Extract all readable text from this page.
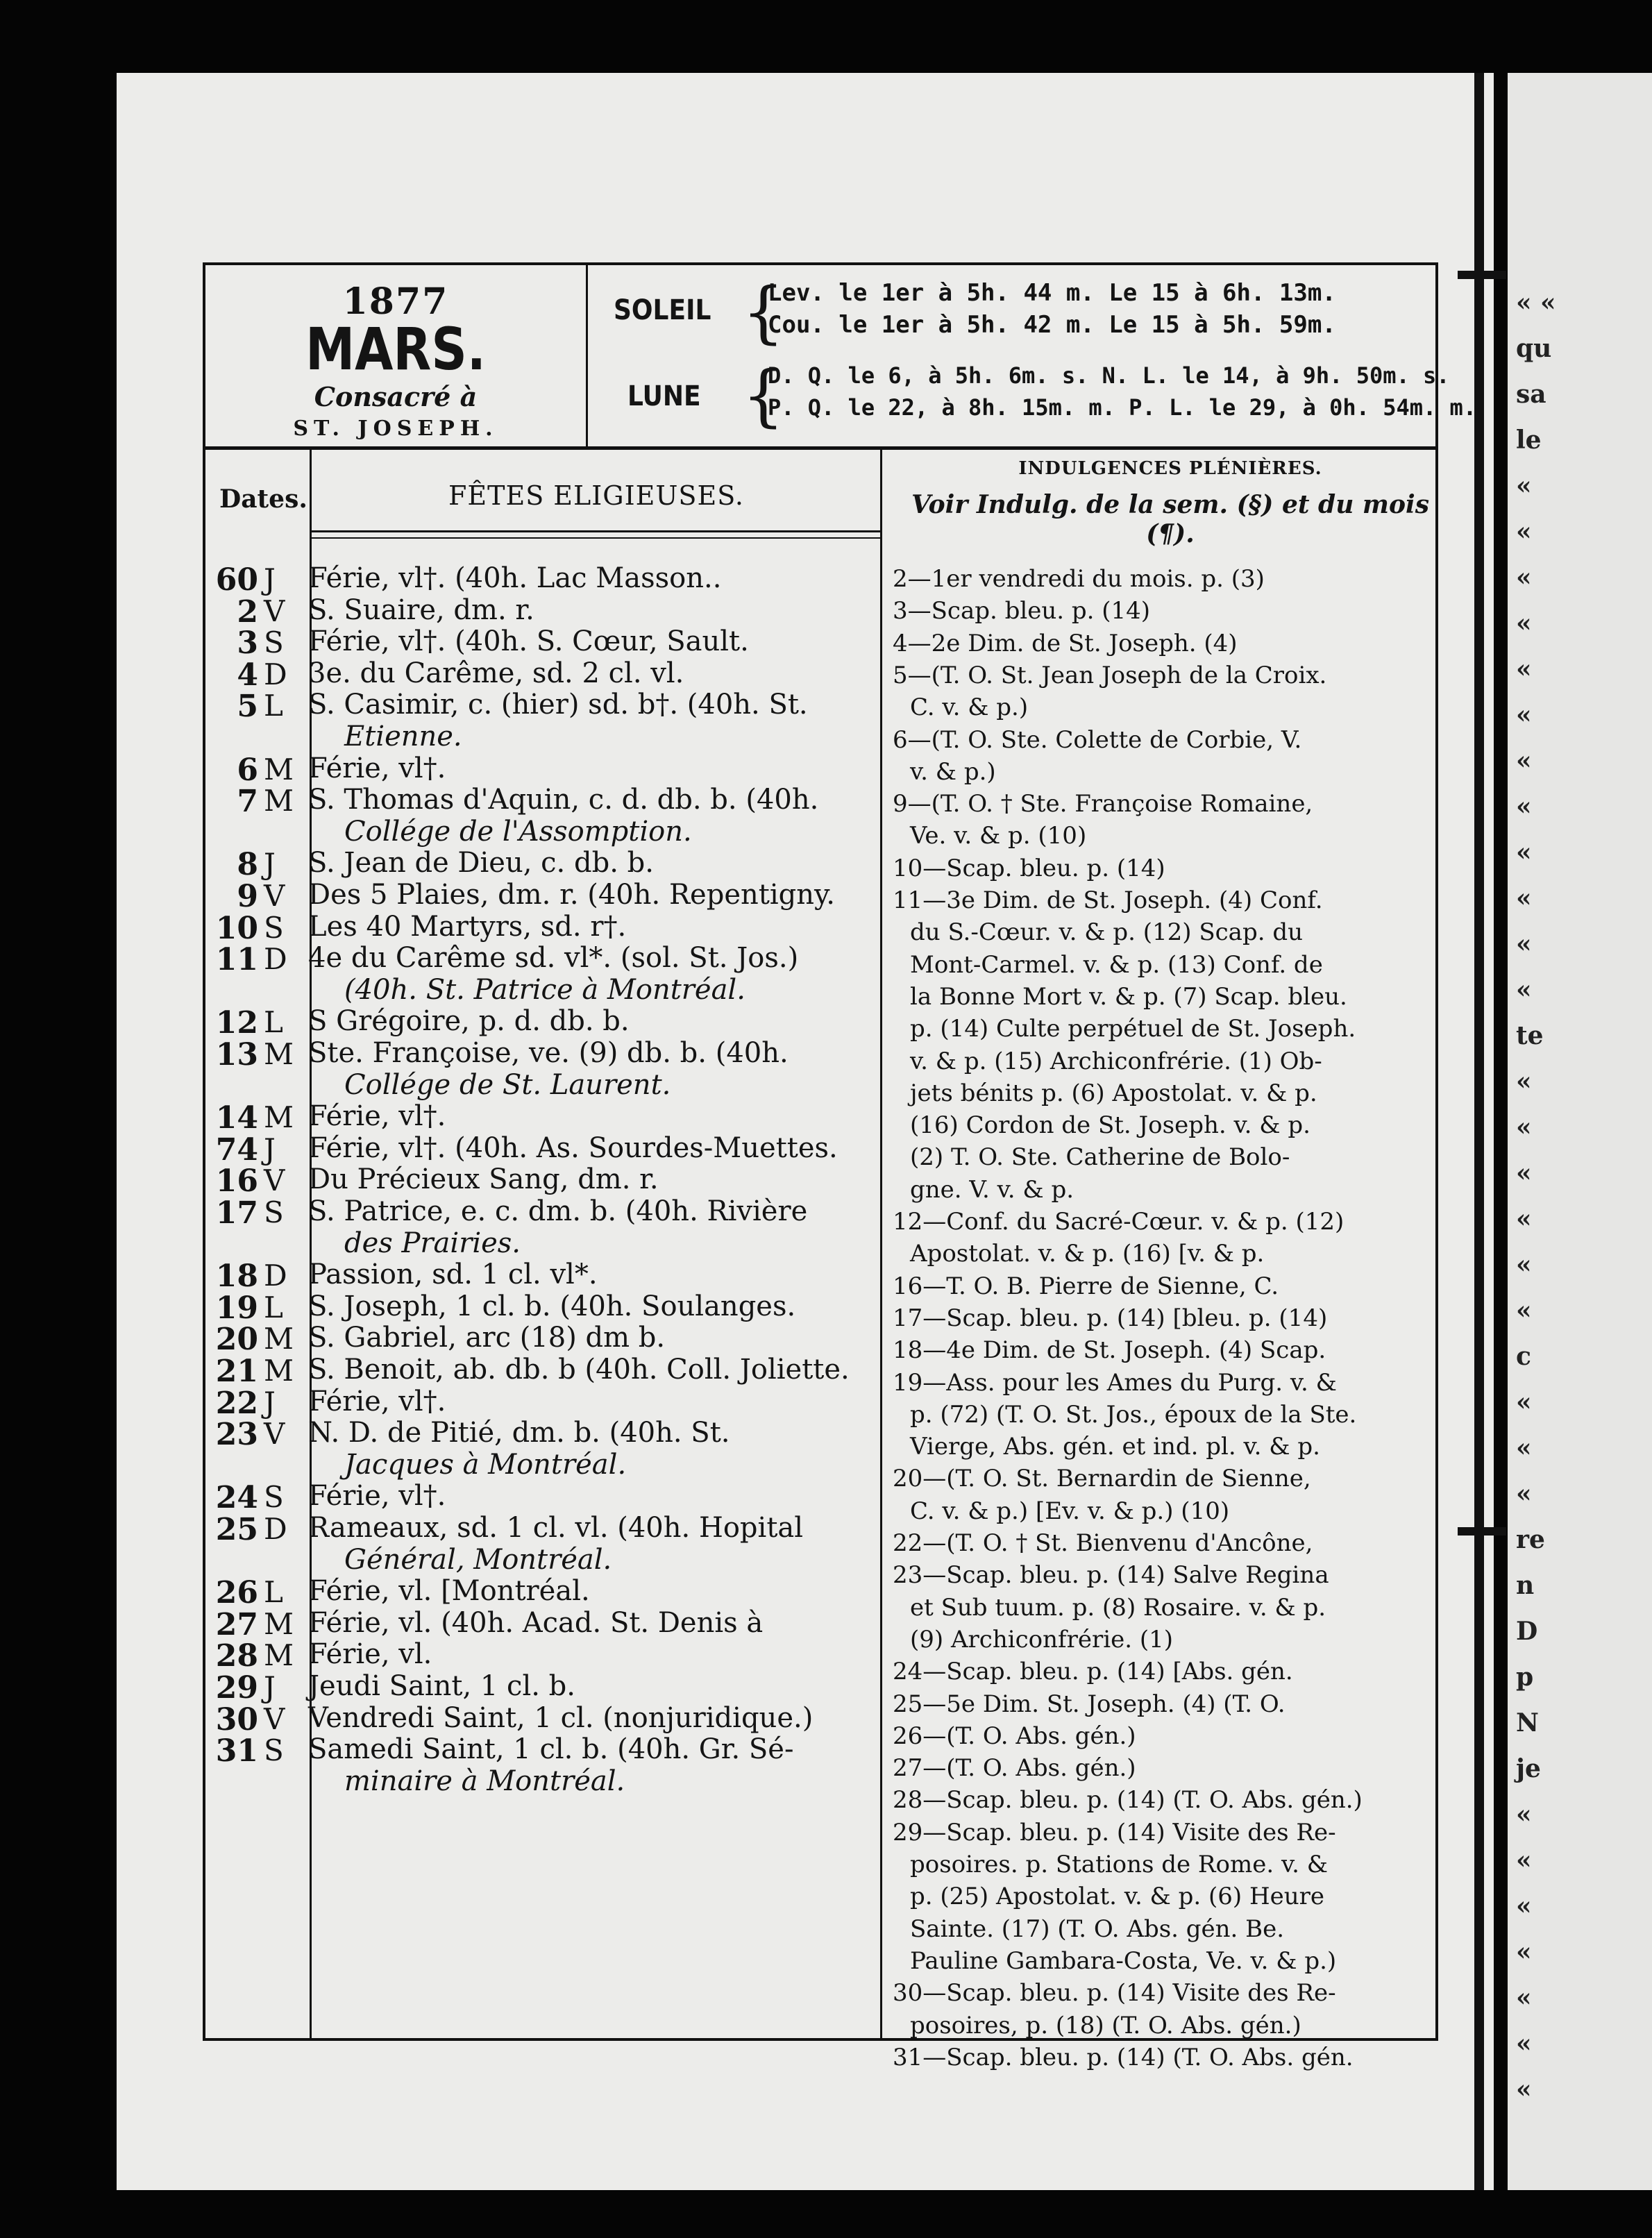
« «
qu
sa
le
«
«
«
«
«
«
«
«
«
«
«
«
te
«
«
«
«
«
«
c
«
«
«
re
n
D
p
N
je
«
«
«
«
«
«
«
1877
MARS.
Consacré à
ST. JOSEPH.
SOLEIL {
Lev. le 1er à 5h. 44 m. Le 15 à 6h. 13m.
Cou. le 1er à 5h. 42 m. Le 15 à 5h. 59m.
LUNE {
D. Q. le 6, à 5h. 6m. s. N. L. le 14, à 9h. 50m. s.
P. Q. le 22, à 8h. 15m. m. P. L. le 29, à 0h. 54m. m.
Dates.	FÊTES ELIGIEUSES.
INDULGENCES PLÉNIÈRES.
Voir Indulg. de la sem. (§) et du mois (¶).
60 J	Férie, vl†. (40h. Lac Masson..
2 V S. Suaire, dm. r.
3 S Férie, vl†. (40h. S. Cœur, Sault.
4 D 3e. du Carême, sd. 2 cl. vl.
5 L S. Casimir, c. (hier) sd. b†. (40h. St.
Etienne.
6 M Férie, vl†.
7 M S. Thomas d'Aquin, c. d. db. b. (40h.
Collége de l'Assomption.
8 J	S. Jean de Dieu, c. db. b.
9 V Des 5 Plaies, dm. r. (40h. Repentigny.
10 S Les 40 Martyrs, sd. r†.
11 D 4e du Carême sd. vl*. (sol. St. Jos.)
(40h. St. Patrice à Montréal.
12 L S Grégoire, p. d. db. b.
13 M Ste. Françoise, ve. (9) db. b. (40h.
Collége de St. Laurent.
14 M Férie, vl†.
74 J	Férie, vl†. (40h. As. Sourdes-Muettes.
16 V Du Précieux Sang, dm. r.
17 S S. Patrice, e. c. dm. b. (40h. Rivière
des Prairies.
18 D Passion, sd. 1 cl. vl*.
19 L S. Joseph, 1 cl. b. (40h. Soulanges.
20 M S. Gabriel, arc (18) dm b.
21 M S. Benoit, ab. db. b (40h. Coll. Joliette.
22 J	Férie, vl†.
23 V N. D. de Pitié, dm. b. (40h. St.
Jacques à Montréal.
24 S Férie, vl†.
25 D Rameaux, sd. 1 cl. vl. (40h. Hopital
Général, Montréal.
26 L Férie, vl. [Montréal.
27 M Férie, vl. (40h. Acad. St. Denis à
28 M Férie, vl.
29 J	Jeudi Saint, 1 cl. b.
30 V Vendredi Saint, 1 cl. (nonjuridique.)
31 S Samedi Saint, 1 cl. b. (40h. Gr. Sé-
minaire à Montréal.
2—1er vendredi du mois. p. (3)
3—Scap. bleu. p. (14)
4—2e Dim. de St. Joseph. (4)
5—(T. O. St. Jean Joseph de la Croix.
C. v. & p.)
6—(T. O. Ste. Colette de Corbie, V.
v. & p.)
9—(T. O. † Ste. Françoise Romaine,
Ve. v. & p. (10)
10—Scap. bleu. p. (14)
11—3e Dim. de St. Joseph. (4) Conf.
du S.-Cœur. v. & p. (12) Scap. du
Mont-Carmel. v. & p. (13) Conf. de
la Bonne Mort v. & p. (7) Scap. bleu.
p. (14) Culte perpétuel de St. Joseph.
v. & p. (15) Archiconfrérie. (1) Ob-
jets bénits p. (6) Apostolat. v. & p.
(16) Cordon de St. Joseph. v. & p.
(2) T. O. Ste. Catherine de Bolo-
gne. V. v. & p.
12—Conf. du Sacré-Cœur. v. & p. (12)
Apostolat. v. & p. (16) [v. & p.
16—T. O. B. Pierre de Sienne, C.
17—Scap. bleu. p. (14) [bleu. p. (14)
18—4e Dim. de St. Joseph. (4) Scap.
19—Ass. pour les Ames du Purg. v. &
p. (72) (T. O. St. Jos., époux de la Ste.
Vierge, Abs. gén. et ind. pl. v. & p.
20—(T. O. St. Bernardin de Sienne,
C. v. & p.) [Ev. v. & p.) (10)
22—(T. O. † St. Bienvenu d'Ancône,
23—Scap. bleu. p. (14) Salve Regina
et Sub tuum. p. (8) Rosaire. v. & p.
(9) Archiconfrérie. (1)
24—Scap. bleu. p. (14) [Abs. gén.
25—5e Dim. St. Joseph. (4) (T. O.
26—(T. O. Abs. gén.)
27—(T. O. Abs. gén.)
28—Scap. bleu. p. (14) (T. O. Abs. gén.)
29—Scap. bleu. p. (14) Visite des Re-
posoires. p. Stations de Rome. v. &
p. (25) Apostolat. v. & p. (6) Heure
Sainte. (17) (T. O. Abs. gén. Be.
Pauline Gambara-Costa, Ve. v. & p.)
30—Scap. bleu. p. (14) Visite des Re-
posoires, p. (18) (T. O. Abs. gén.)
31—Scap. bleu. p. (14) (T. O. Abs. gén.
